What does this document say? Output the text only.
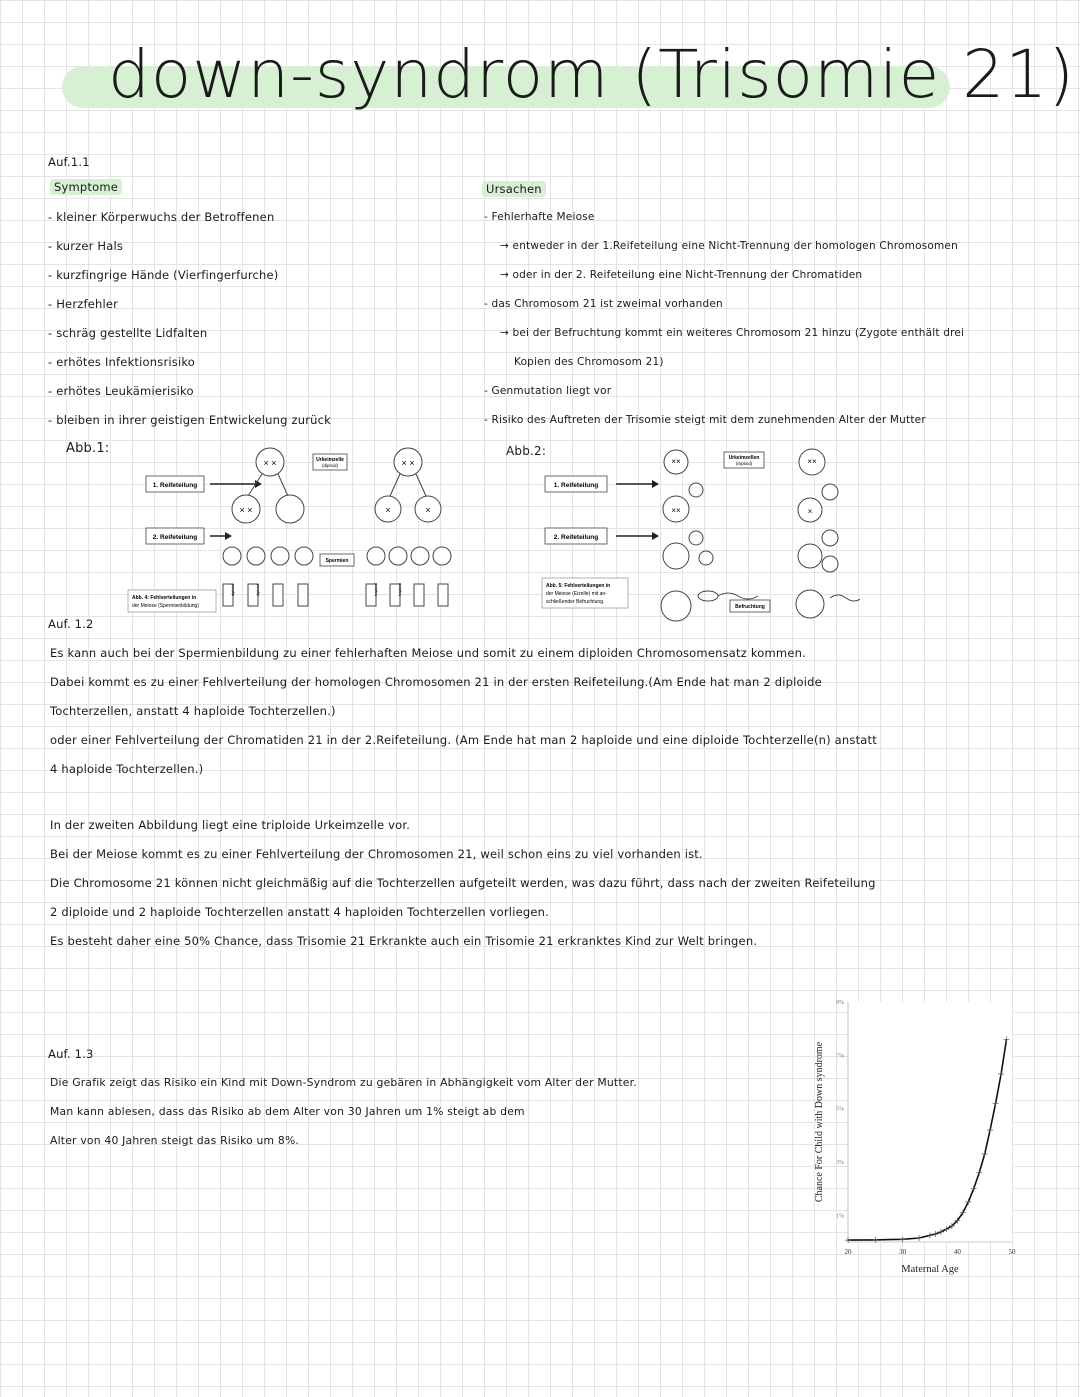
down-syndrom (Trisomie 21)
Auf.1.1
Symptome
- kleiner Körperwuchs der Betroffenen
- kurzer Hals
- kurzfingrige Hände (Vierfingerfurche)
- Herzfehler
- schräg gestellte Lidfalten
- erhötes Infektionsrisiko
- erhötes Leukämierisiko
- bleiben in ihrer geistigen Entwickelung zurück
Ursachen
- Fehlerhafte Meiose
→ entweder in der 1.Reifeteilung eine Nicht-Trennung der homologen Chromosomen
→ oder in der 2. Reifeteilung eine Nicht-Trennung der Chromatiden
- das Chromosom 21 ist zweimal vorhanden
→ bei der Befruchtung kommt ein weiteres Chromosom 21 hinzu (Zygote enthält drei
Kopien des Chromosom 21)
- Genmutation liegt vor
- Risiko des Auftreten der Trisomie steigt mit dem zunehmenden Alter der Mutter
Abb.1:
1. Reifeteilung
2. Reifeteilung
× ×
× ×
diploid	diploid
Urkeimzelle
(diploid)
Spermien
× ×
×	×
haploid	haploid
Abb. 4: Fehlverteilungen in
der Meiose (Spermienbildung)
Abb.2:
1. Reifeteilung
2. Reifeteilung
××
××
Urkeimzellen
(triploid)
Befruchtung
××
×
Abb. 5: Fehlverteilungen in
der Meiose (Eizelle) mit an-
schließender Befruchtung.
Auf. 1.2
Es kann auch bei der Spermienbildung zu einer fehlerhaften Meiose und somit zu einem diploiden Chromosomensatz kommen.
Dabei kommt es zu einer Fehlverteilung der homologen Chromosomen 21 in der ersten Reifeteilung.(Am Ende hat man 2 diploide
Tochterzellen, anstatt 4 haploide Tochterzellen.)
oder einer Fehlverteilung der Chromatiden 21 in der 2.Reifeteilung. (Am Ende hat man 2 haploide und eine diploide Tochterzelle(n) anstatt
4 haploide Tochterzellen.)
In der zweiten Abbildung liegt eine triploide Urkeimzelle vor.
Bei der Meiose kommt es zu einer Fehlverteilung der Chromosomen 21, weil schon eins zu viel vorhanden ist.
Die Chromosome 21 können nicht gleichmäßig auf die Tochterzellen aufgeteilt werden, was dazu führt, dass nach der zweiten Reifeteilung
2 diploide und 2 haploide Tochterzellen anstatt 4 haploiden Tochterzellen vorliegen.
Es besteht daher eine 50% Chance, dass Trisomie 21 Erkrankte auch ein Trisomie 21 erkranktes Kind zur Welt bringen.
Auf. 1.3
Die Grafik zeigt das Risiko ein Kind mit Down-Syndrom zu gebären in Abhängigkeit vom Alter der Mutter.
Man kann ablesen, dass das Risiko ab dem Alter von 30 Jahren um 1% steigt ab dem
Alter von 40 Jahren steigt das Risiko um 8%.
20	30	40	50
1%
3%
5%
7%
9%
Maternal Age
Chance For Child with Down syndrome
